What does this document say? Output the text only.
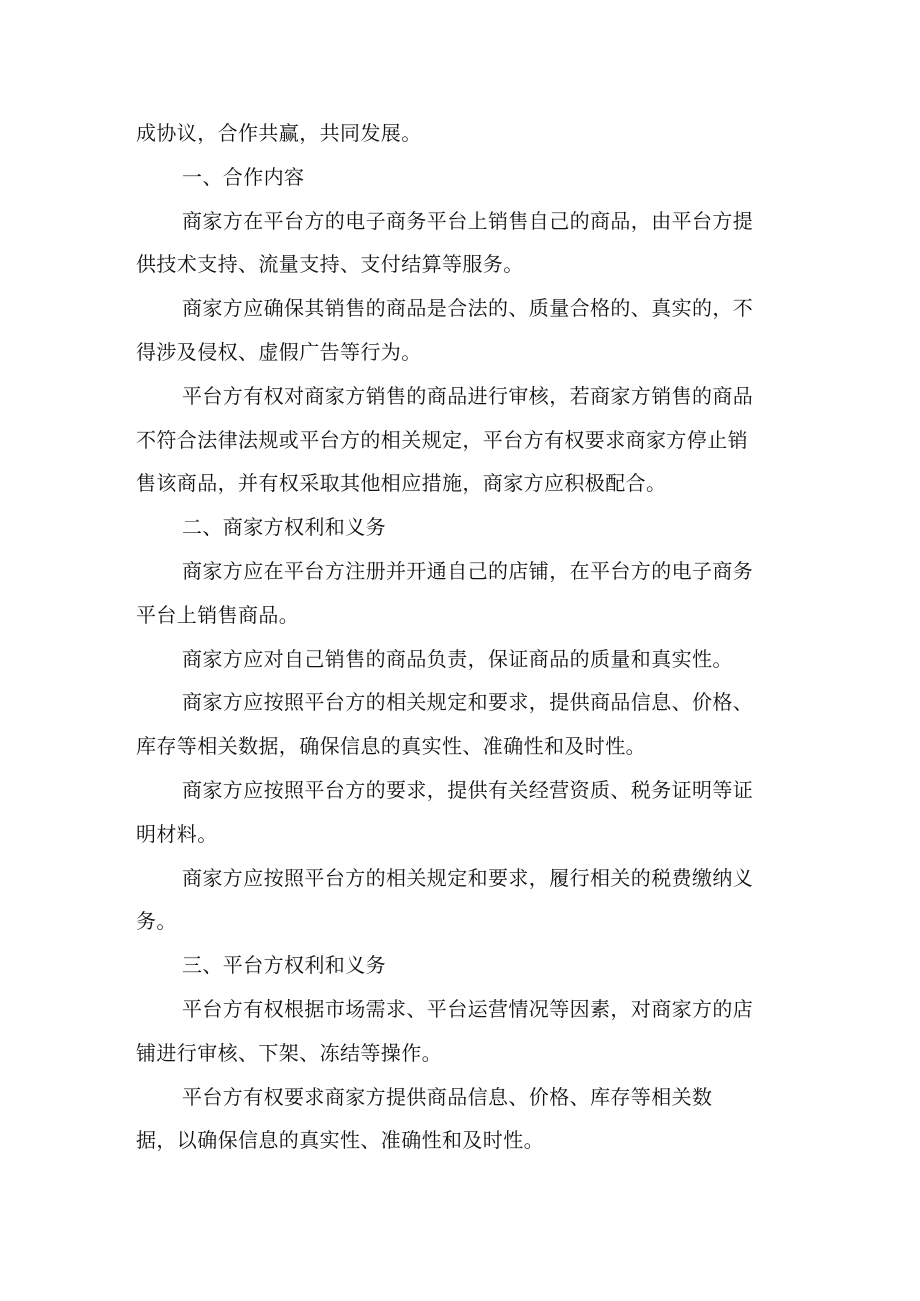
成协议，合作共赢，共同发展。
一、合作内容
商家方在平台方的电子商务平台上销售自己的商品，由平台方提
供技术支持、流量支持、支付结算等服务。
商家方应确保其销售的商品是合法的、质量合格的、真实的，不
得涉及侵权、虚假广告等行为。
平台方有权对商家方销售的商品进行审核，若商家方销售的商品
不符合法律法规或平台方的相关规定，平台方有权要求商家方停止销
售该商品，并有权采取其他相应措施，商家方应积极配合。
二、商家方权利和义务
商家方应在平台方注册并开通自己的店铺，在平台方的电子商务
平台上销售商品。
商家方应对自己销售的商品负责，保证商品的质量和真实性。
商家方应按照平台方的相关规定和要求，提供商品信息、价格、
库存等相关数据，确保信息的真实性、准确性和及时性。
商家方应按照平台方的要求，提供有关经营资质、税务证明等证
明材料。
商家方应按照平台方的相关规定和要求，履行相关的税费缴纳义
务。
三、平台方权利和义务
平台方有权根据市场需求、平台运营情况等因素，对商家方的店
铺进行审核、下架、冻结等操作。
平台方有权要求商家方提供商品信息、价格、库存等相关数
据，以确保信息的真实性、准确性和及时性。
